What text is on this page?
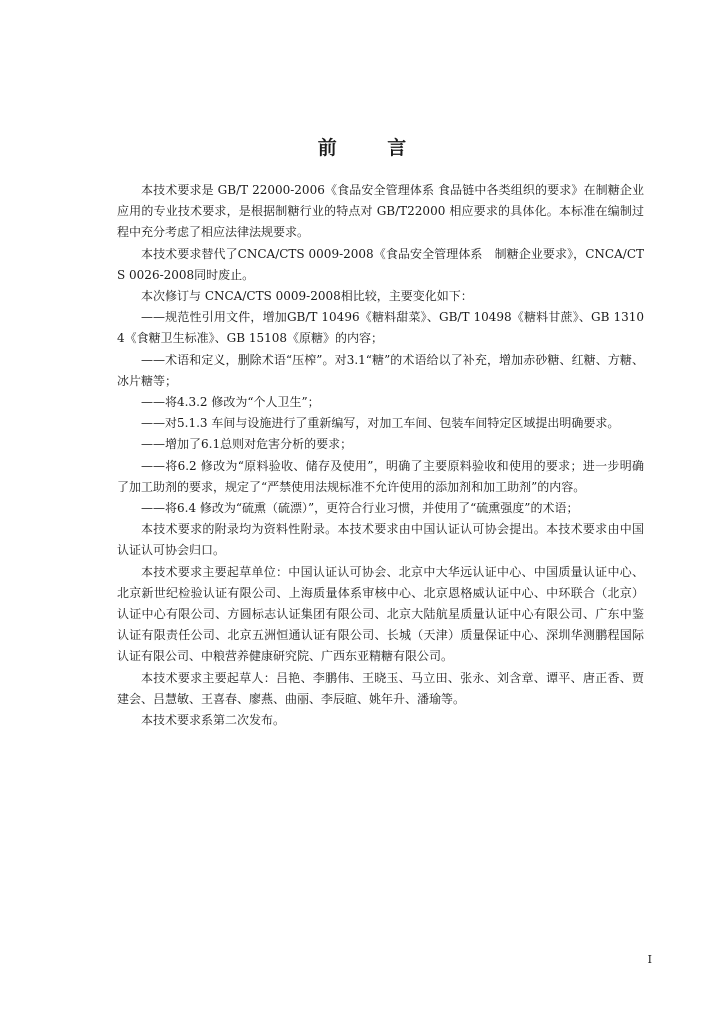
前 言

本技术要求是 GB/T 22000-2006《食品安全管理体系 食品链中各类组织的要求》在制糖企业应用的专业技术要求，是根据制糖行业的特点对 GB/T22000 相应要求的具体化。本标准在编制过程中充分考虑了相应法律法规要求。

本技术要求替代了CNCA/CTS 0009-2008《食品安全管理体系　制糖企业要求》，CNCA/CTS 0026-2008同时废止。

本次修订与 CNCA/CTS 0009-2008相比较，主要变化如下：

——规范性引用文件，增加GB/T 10496《糖料甜菜》、GB/T 10498《糖料甘蔗》、GB 13104《食糖卫生标准》、GB 15108《原糖》的内容；

——术语和定义，删除术语“压榨”。对3.1“糖”的术语给以了补充，增加赤砂糖、红糖、方糖、冰片糖等；

——将4.3.2 修改为“个人卫生”；

——对5.1.3 车间与设施进行了重新编写，对加工车间、包装车间特定区域提出明确要求。

——增加了6.1总则对危害分析的要求；

——将6.2 修改为“原料验收、储存及使用”，明确了主要原料验收和使用的要求；进一步明确了加工助剂的要求，规定了“严禁使用法规标准不允许使用的添加剂和加工助剂”的内容。

——将6.4 修改为“硫熏（硫漂）”，更符合行业习惯，并使用了“硫熏强度”的术语；

本技术要求的附录均为资料性附录。本技术要求由中国认证认可协会提出。本技术要求由中国认证认可协会归口。

本技术要求主要起草单位：中国认证认可协会、北京中大华远认证中心、中国质量认证中心、北京新世纪检验认证有限公司、上海质量体系审核中心、北京恩格威认证中心、中环联合（北京）认证中心有限公司、方圆标志认证集团有限公司、北京大陆航星质量认证中心有限公司、广东中鉴认证有限责任公司、北京五洲恒通认证有限公司、长城（天津）质量保证中心、深圳华测鹏程国际认证有限公司、中粮营养健康研究院、广西东亚精糖有限公司。

本技术要求主要起草人：吕艳、李鹏伟、王晓玉、马立田、张永、刘含章、谭平、唐正香、贾建会、吕慧敏、王喜春、廖燕、曲丽、李辰暄、姚年升、潘瑜等。

本技术要求系第二次发布。

I
